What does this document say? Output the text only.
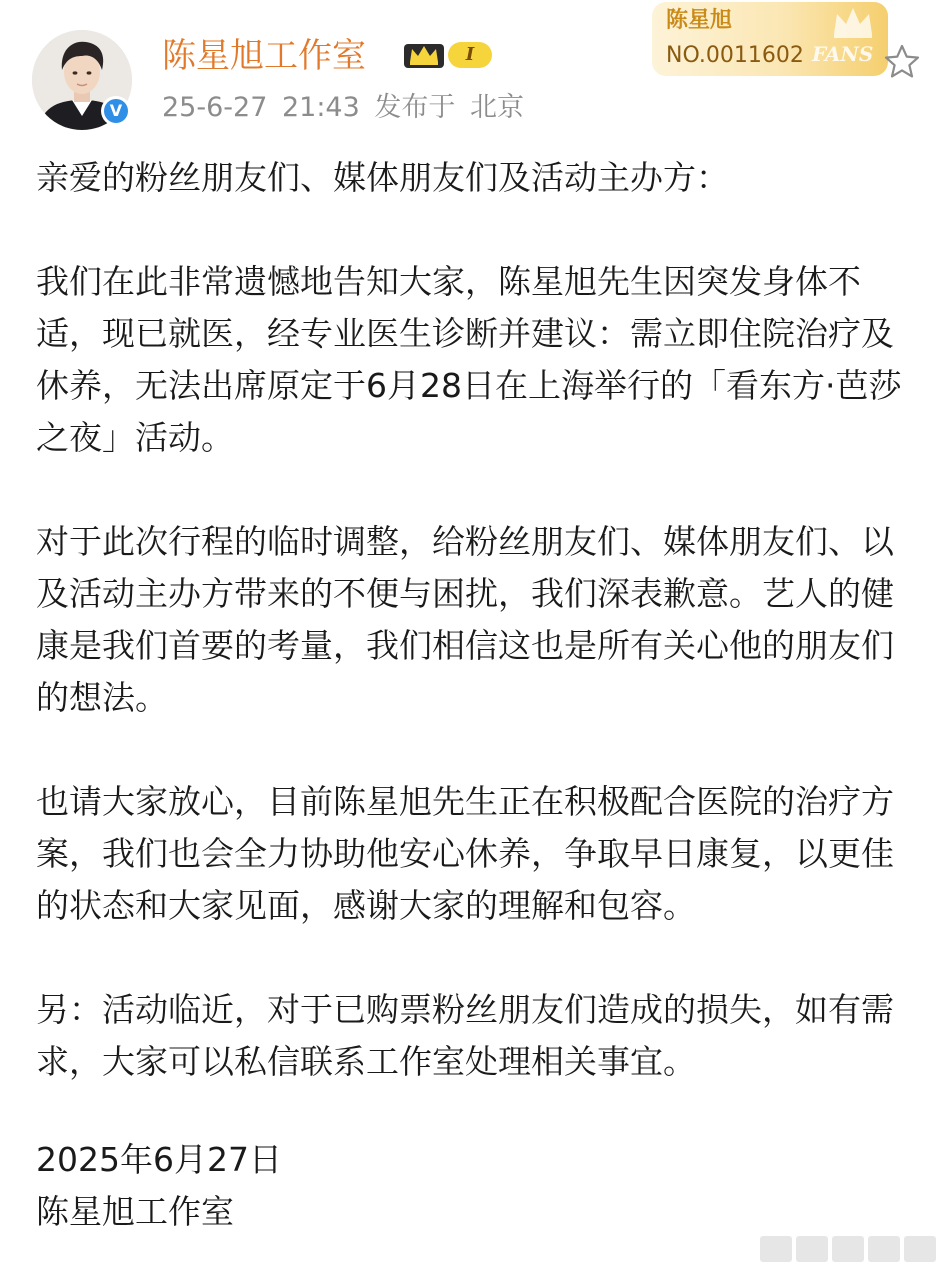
V
陈星旭工作室	I
25-6-27 21:43 发布于 北京
陈星旭
NO.0011602 FANS

亲爱的粉丝朋友们、媒体朋友们及活动主办方：

我们在此非常遗憾地告知大家，陈星旭先生因突发身体不适，现已就医，经专业医生诊断并建议：需立即住院治疗及休养，无法出席原定于6月28日在上海举行的「看东方·芭莎之夜」活动。

对于此次行程的临时调整，给粉丝朋友们、媒体朋友们、以及活动主办方带来的不便与困扰，我们深表歉意。艺人的健康是我们首要的考量，我们相信这也是所有关心他的朋友们的想法。

也请大家放心，目前陈星旭先生正在积极配合医院的治疗方案，我们也会全力协助他安心休养，争取早日康复，以更佳的状态和大家见面，感谢大家的理解和包容。

另：活动临近，对于已购票粉丝朋友们造成的损失，如有需求，大家可以私信联系工作室处理相关事宜。

2025年6月27日

陈星旭工作室
